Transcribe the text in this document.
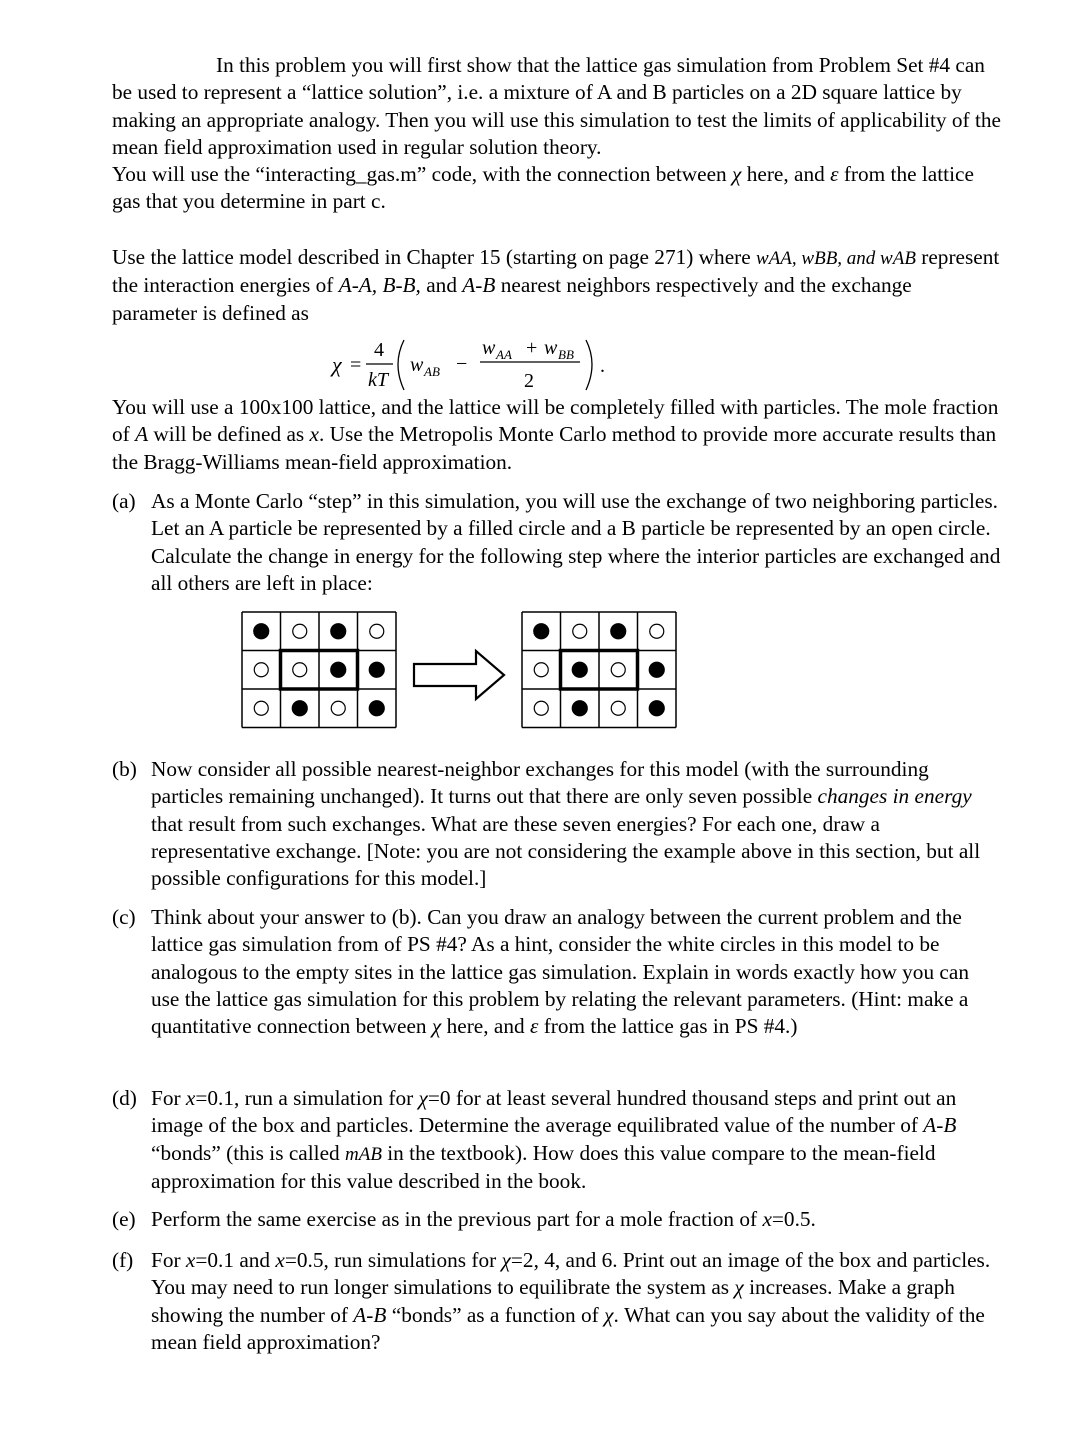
In this problem you will first show that the lattice gas simulation from Problem Set #4 can be used to represent a “lattice solution”, i.e. a mixture of A and B particles on a 2D square lattice by making an appropriate analogy. Then you will use this simulation to test the limits of applicability of the mean field approximation used in regular solution theory.

You will use the “interacting_gas.m” code, with the connection between χ here, and ε from the lattice gas that you determine in part c.

Use the lattice model described in Chapter 15 (starting on page 271) where wAA, wBB, and wAB represent the interaction energies of A-A, B-B, and A-B nearest neighbors respectively and the exchange parameter is defined as

χ =
4
kT
w AB −
w AA + w BB
2
.

You will use a 100x100 lattice, and the lattice will be completely filled with particles. The mole fraction of A will be defined as x. Use the Metropolis Monte Carlo method to provide more accurate results than the Bragg-Williams mean-field approximation.

(a) As a Monte Carlo “step” in this simulation, you will use the exchange of two neighboring particles. Let an A particle be represented by a filled circle and a B particle be represented by an open circle. Calculate the change in energy for the following step where the interior particles are exchanged and all others are left in place:

(b) Now consider all possible nearest-neighbor exchanges for this model (with the surrounding particles remaining unchanged). It turns out that there are only seven possible changes in energy that result from such exchanges. What are these seven energies? For each one, draw a representative exchange. [Note: you are not considering the example above in this section, but all possible configurations for this model.]

(c) Think about your answer to (b). Can you draw an analogy between the current problem and the lattice gas simulation from of PS #4? As a hint, consider the white circles in this model to be analogous to the empty sites in the lattice gas simulation. Explain in words exactly how you can use the lattice gas simulation for this problem by relating the relevant parameters. (Hint: make a quantitative connection between χ here, and ε from the lattice gas in PS #4.)

(d) For x=0.1, run a simulation for χ=0 for at least several hundred thousand steps and print out an image of the box and particles. Determine the average equilibrated value of the number of A-B “bonds” (this is called mAB in the textbook). How does this value compare to the mean-field approximation for this value described in the book.

(e) Perform the same exercise as in the previous part for a mole fraction of x=0.5.

(f) For x=0.1 and x=0.5, run simulations for χ=2, 4, and 6. Print out an image of the box and particles. You may need to run longer simulations to equilibrate the system as χ increases. Make a graph showing the number of A-B “bonds” as a function of χ. What can you say about the validity of the mean field approximation?
